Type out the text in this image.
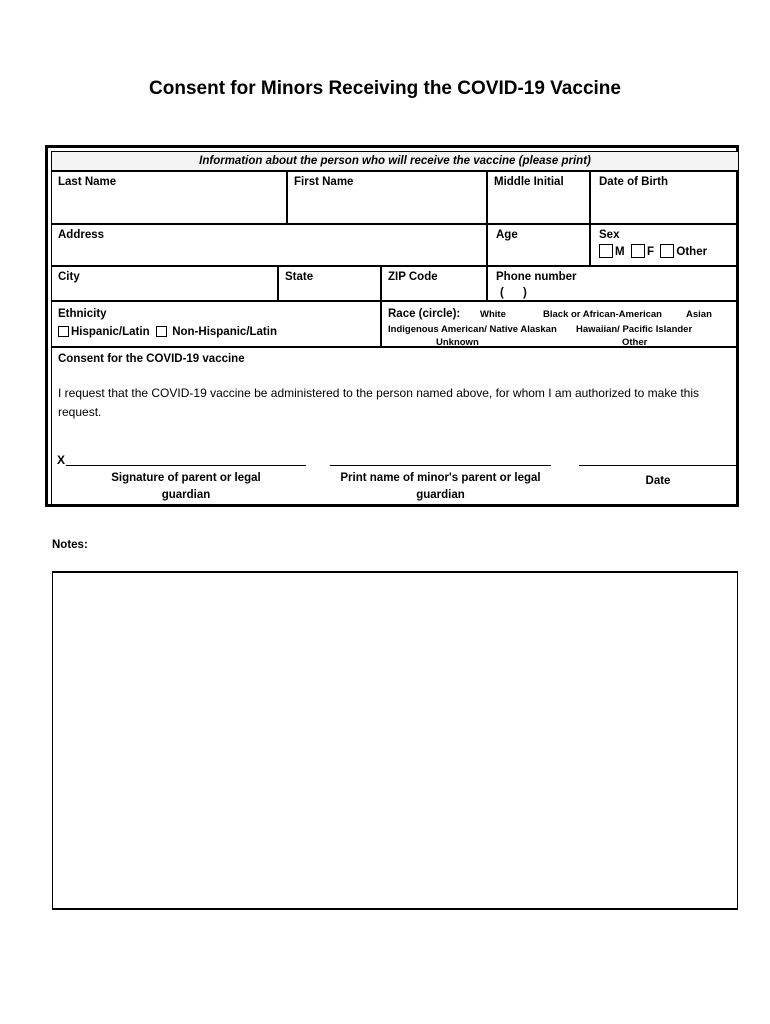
Consent for Minors Receiving the COVID-19 Vaccine
Information about the person who will receive the vaccine (please print)
Last Name	First Name	Middle Initial	Date of Birth
Address	Age	Sex
M F Other
City	State	ZIP Code	Phone number
(      )
Ethnicity
Hispanic/Latin Non-Hispanic/Latin
Race (circle): White	Black or African-American	Asian
Indigenous American/ Native Alaskan Hawaiian/ Pacific Islander
Unknown	Other
Consent for the COVID-19 vaccine
I request that the COVID-19 vaccine be administered to the person named above, for whom I am authorized to make this request.
X
Signature of parent or legal guardian
Print name of minor's parent or legal guardian
Date
Notes:
